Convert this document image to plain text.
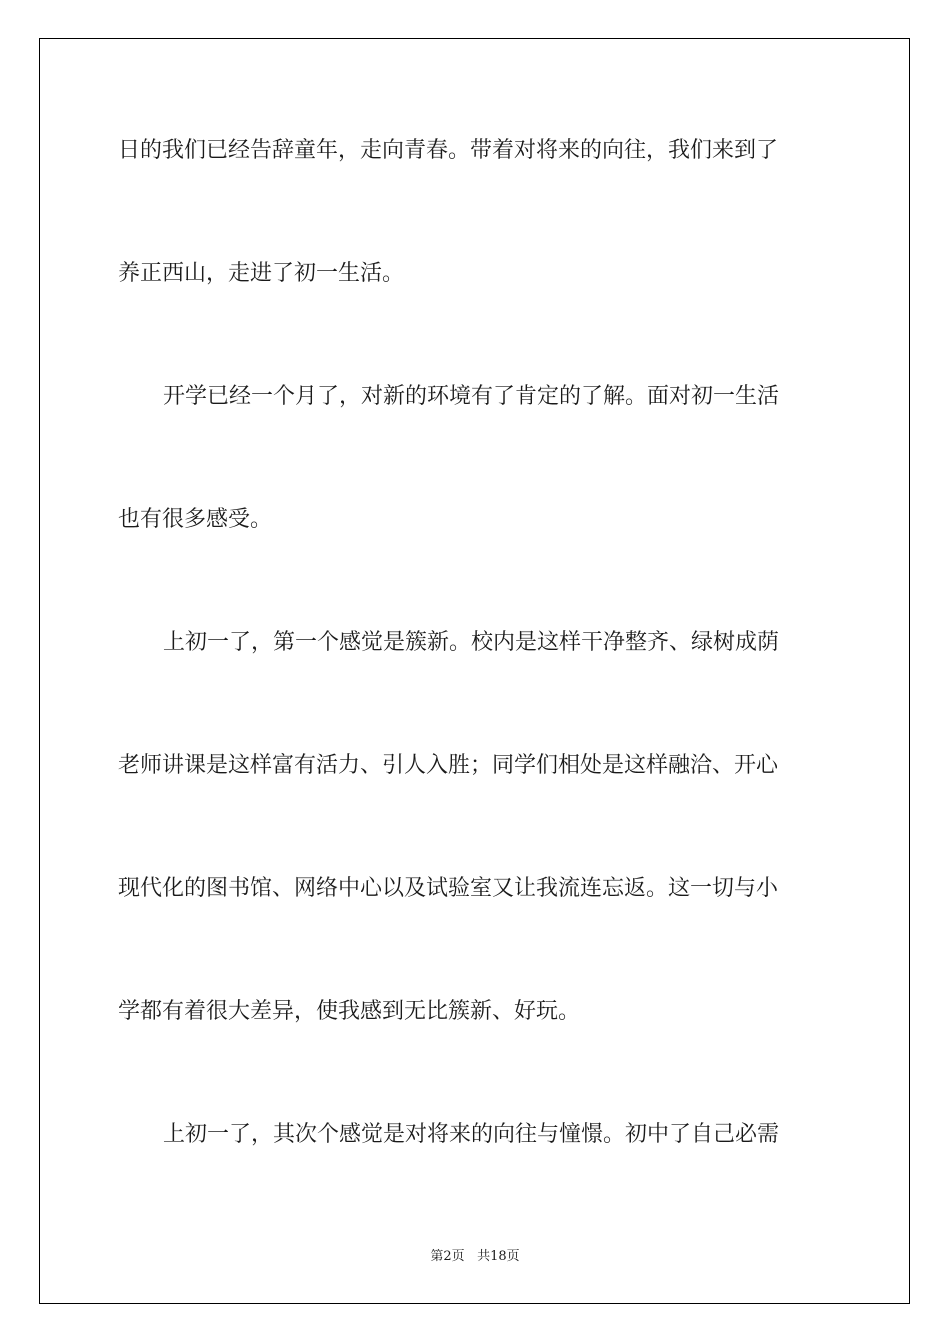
日的我们已经告辞童年，走向青春。带着对将来的向往，我们来到了

养正西山，走进了初一生活。

开学已经一个月了，对新的环境有了肯定的了解。面对初一生活

也有很多感受。

上初一了，第一个感觉是簇新。校内是这样干净整齐、绿树成荫

老师讲课是这样富有活力、引人入胜；同学们相处是这样融洽、开心

现代化的图书馆、网络中心以及试验室又让我流连忘返。这一切与小

学都有着很大差异，使我感到无比簇新、好玩。

上初一了，其次个感觉是对将来的向往与憧憬。初中了自己必需

第2页 共18页
